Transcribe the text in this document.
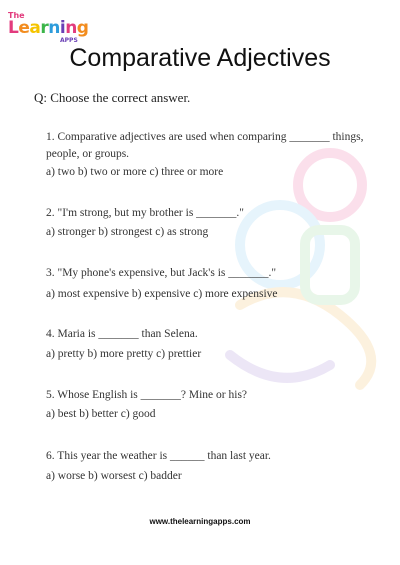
The
Learning
APPS
Comparative Adjectives
Q: Choose the correct answer.
1. Comparative adjectives are used when comparing _______ things, people, or groups.
a) two b) two or more c) three or more
2. "I'm strong, but my brother is _______."
a) stronger b) strongest c) as strong
3. "My phone's expensive, but Jack's is _______."
a) most expensive b) expensive c) more expensive
4. Maria is _______ than Selena.
a) pretty b) more pretty c) prettier
5. Whose English is _______? Mine or his?
a) best b) better c) good
6. This year the weather is ______ than last year.
a) worse b) worsest c) badder
www.thelearningapps.com
